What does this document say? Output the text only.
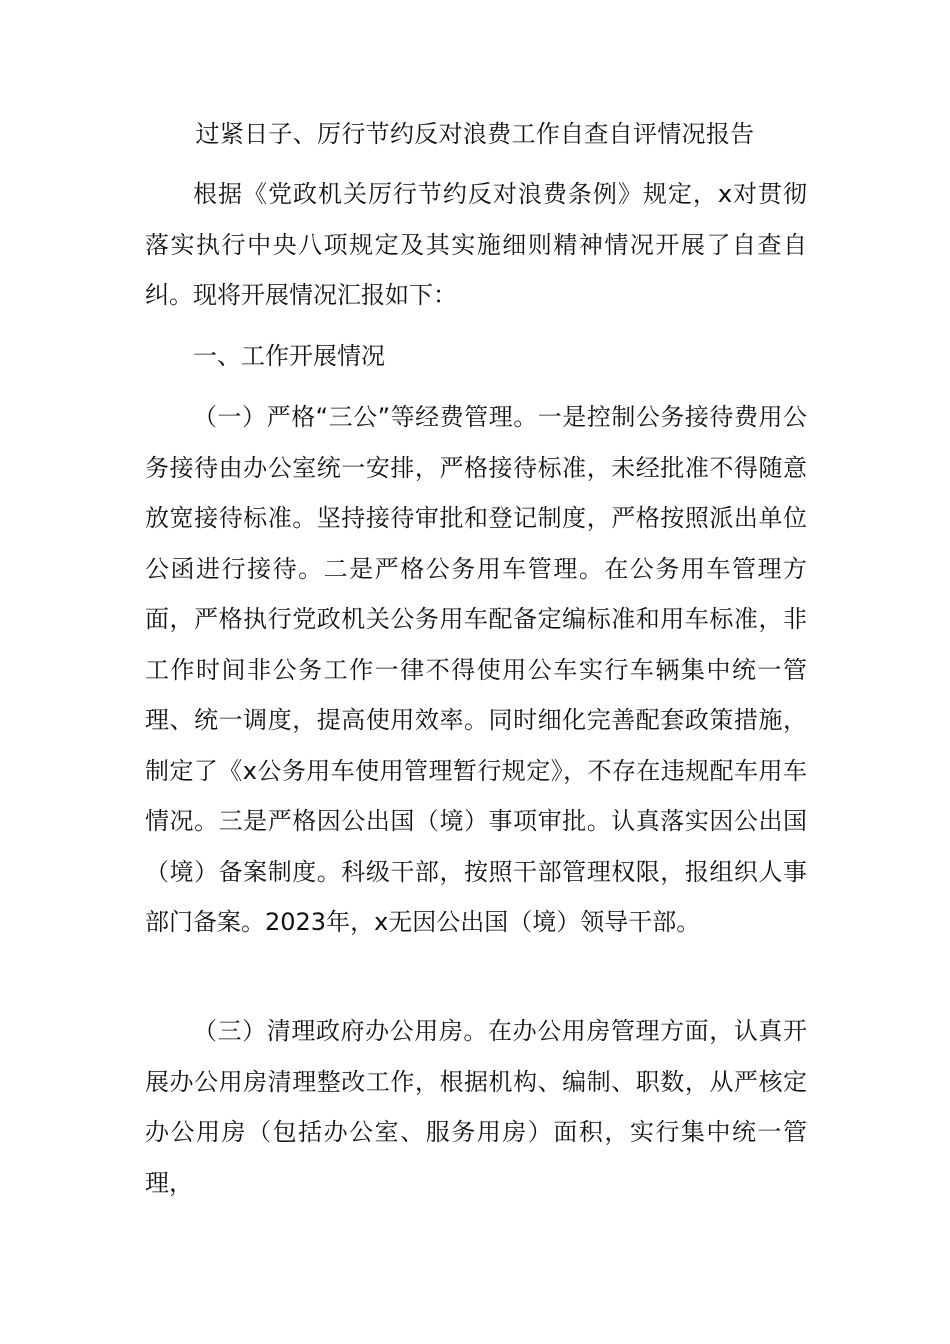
过紧日子、厉行节约反对浪费工作自查自评情况报告

根据《党政机关厉行节约反对浪费条例》规定，x对贯彻落实执行中央八项规定及其实施细则精神情况开展了自查自纠。现将开展情况汇报如下：

一、工作开展情况

（一）严格“三公”等经费管理。一是控制公务接待费用公务接待由办公室统一安排，严格接待标准，未经批准不得随意放宽接待标准。坚持接待审批和登记制度，严格按照派出单位公函进行接待。二是严格公务用车管理。在公务用车管理方面，严格执行党政机关公务用车配备定编标准和用车标准，非工作时间非公务工作一律不得使用公车实行车辆集中统一管理、统一调度，提高使用效率。同时细化完善配套政策措施，制定了《x公务用车使用管理暂行规定》，不存在违规配车用车情况。三是严格因公出国（境）事项审批。认真落实因公出国（境）备案制度。科级干部，按照干部管理权限，报组织人事部门备案。2023年，x无因公出国（境）领导干部。

（三）清理政府办公用房。在办公用房管理方面，认真开展办公用房清理整改工作，根据机构、编制、职数，从严核定办公用房（包括办公室、服务用房）面积，实行集中统一管理，
